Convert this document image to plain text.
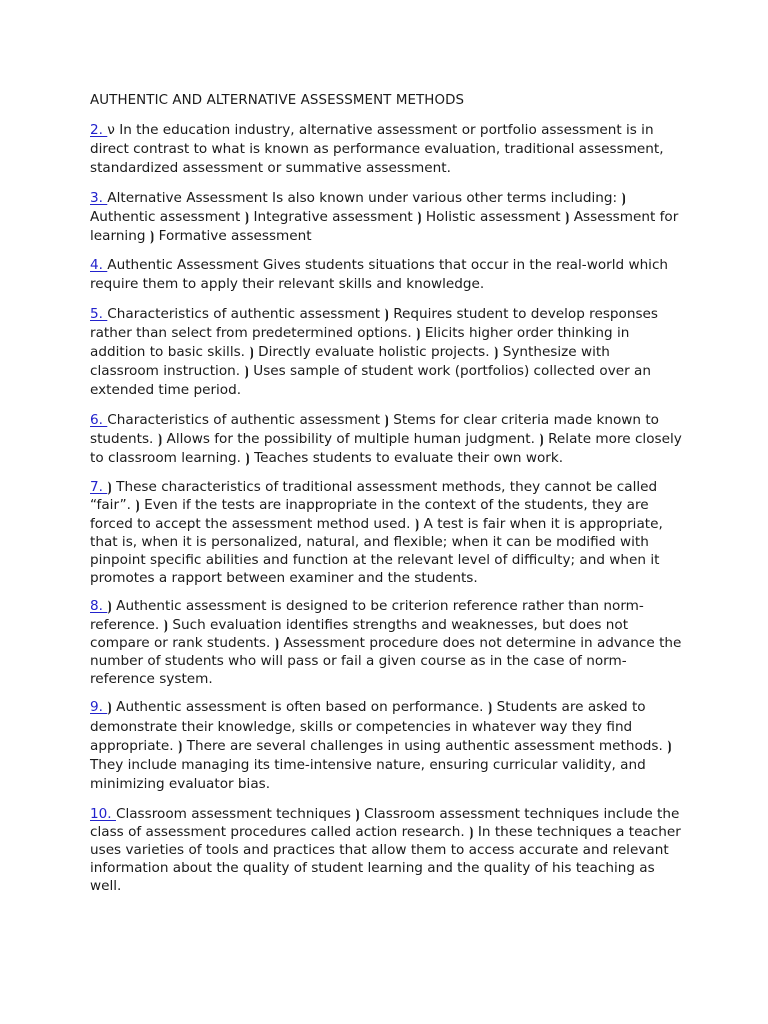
AUTHENTIC AND ALTERNATIVE ASSESSMENT METHODS

2. ν In the education industry, alternative assessment or portfolio assessment is in direct contrast to what is known as performance evaluation, traditional assessment, standardized assessment or summative assessment.

3. Alternative Assessment Is also known under various other terms including: ⦘ Authentic assessment ⦘ Integrative assessment ⦘ Holistic assessment ⦘ Assessment for learning ⦘ Formative assessment

4. Authentic Assessment Gives students situations that occur in the real-world which require them to apply their relevant skills and knowledge.

5. Characteristics of authentic assessment ⦘ Requires student to develop responses rather than select from predetermined options. ⦘ Elicits higher order thinking in addition to basic skills. ⦘ Directly evaluate holistic projects. ⦘ Synthesize with classroom instruction. ⦘ Uses sample of student work (portfolios) collected over an extended time period.

6. Characteristics of authentic assessment ⦘ Stems for clear criteria made known to students. ⦘ Allows for the possibility of multiple human judgment. ⦘ Relate more closely to classroom learning. ⦘ Teaches students to evaluate their own work.

7. ⦘ These characteristics of traditional assessment methods, they cannot be called “fair”. ⦘ Even if the tests are inappropriate in the context of the students, they are forced to accept the assessment method used. ⦘ A test is fair when it is appropriate, that is, when it is personalized, natural, and flexible; when it can be modified with pinpoint specific abilities and function at the relevant level of difficulty; and when it promotes a rapport between examiner and the students.

8. ⦘ Authentic assessment is designed to be criterion reference rather than norm-reference. ⦘ Such evaluation identifies strengths and weaknesses, but does not compare or rank students. ⦘ Assessment procedure does not determine in advance the number of students who will pass or fail a given course as in the case of norm-reference system.

9. ⦘ Authentic assessment is often based on performance. ⦘ Students are asked to demonstrate their knowledge, skills or competencies in whatever way they find appropriate. ⦘ There are several challenges in using authentic assessment methods. ⦘ They include managing its time-intensive nature, ensuring curricular validity, and minimizing evaluator bias.

10. Classroom assessment techniques ⦘ Classroom assessment techniques include the class of assessment procedures called action research. ⦘ In these techniques a teacher uses varieties of tools and practices that allow them to access accurate and relevant information about the quality of student learning and the quality of his teaching as well.
